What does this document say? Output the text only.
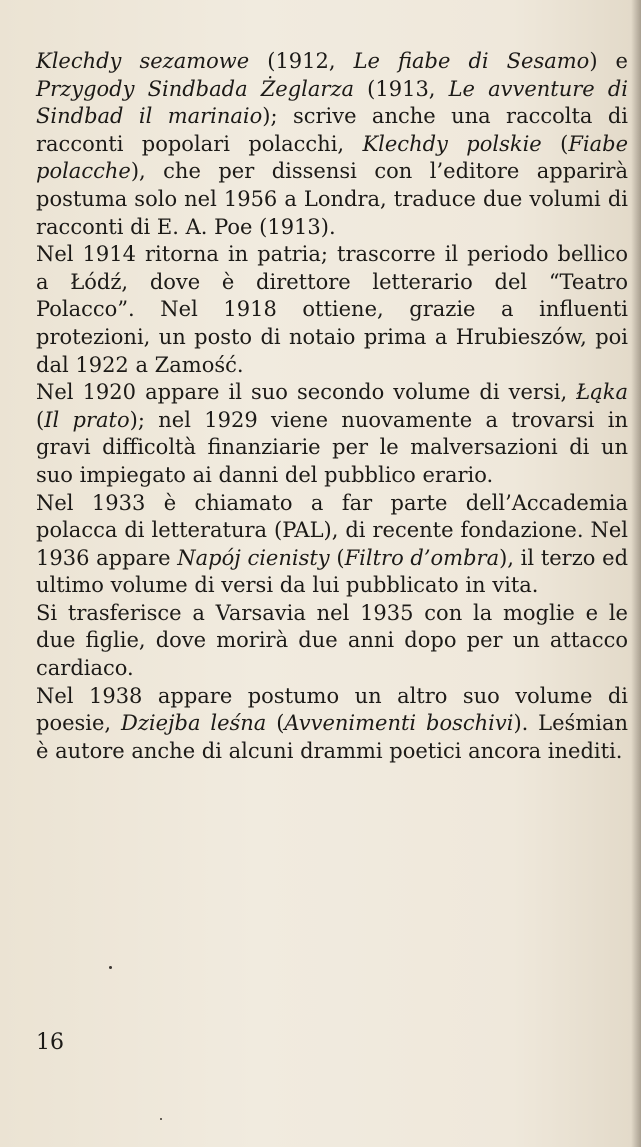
Klechdy sezamowe (1912, Le fiabe di Sesamo) e Przygody Sindbada Żeglarza (1913, Le avventure di Sindbad il marinaio); scrive anche una raccolta di racconti popolari polacchi, Klechdy polskie (Fiabe polacche), che per dissensi con l’editore apparirà postuma solo nel 1956 a Londra, traduce due volumi di racconti di E. A. Poe (1913).

Nel 1914 ritorna in patria; trascorre il periodo bellico a Łódź, dove è direttore letterario del “Teatro Polacco”. Nel 1918 ottiene, grazie a influenti protezioni, un posto di notaio prima a Hrubieszów, poi dal 1922 a Zamość.

Nel 1920 appare il suo secondo volume di versi, Łąka (Il prato); nel 1929 viene nuovamente a trovarsi in gravi difficoltà finanziarie per le malversazioni di un suo impiegato ai danni del pubblico erario.

Nel 1933 è chiamato a far parte dell’Accademia polacca di letteratura (PAL), di recente fondazione. Nel 1936 appare Napój cienisty (Filtro d’ombra), il terzo ed ultimo volume di versi da lui pubblicato in vita.

Si trasferisce a Varsavia nel 1935 con la moglie e le due figlie, dove morirà due anni dopo per un attacco cardiaco.

Nel 1938 appare postumo un altro suo volume di poesie, Dziejba leśna (Avvenimenti boschivi). Leśmian è autore anche di alcuni drammi poetici ancora inediti.

16
